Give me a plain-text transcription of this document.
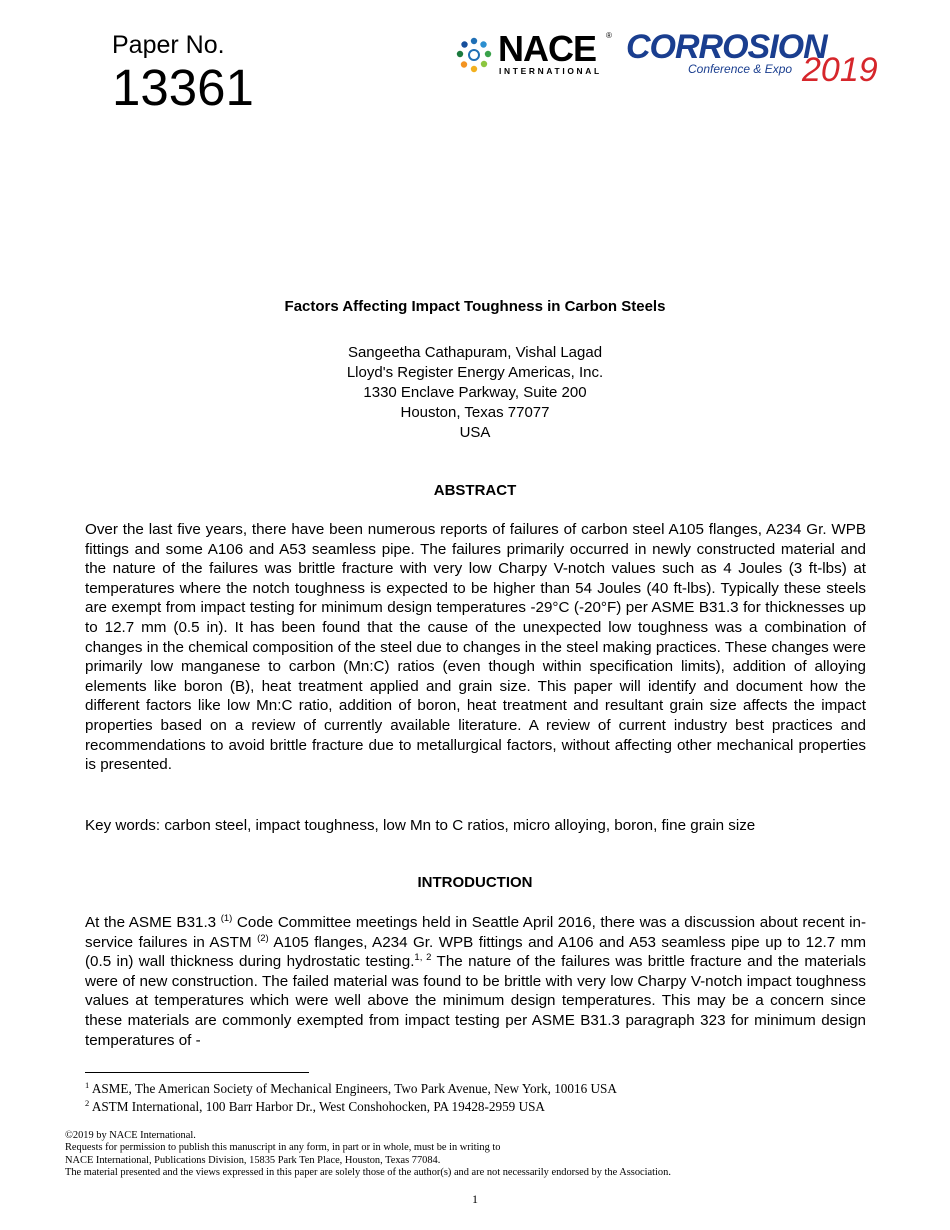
Paper No.
13361
NACE ®
INTERNATIONAL
CORROSION
Conference & Expo 2019
Factors Affecting Impact Toughness in Carbon Steels
Sangeetha Cathapuram, Vishal Lagad
Lloyd's Register Energy Americas, Inc.
1330 Enclave Parkway, Suite 200
Houston, Texas 77077
USA
ABSTRACT
Over the last five years, there have been numerous reports of failures of carbon steel A105 flanges, A234 Gr. WPB fittings and some A106 and A53 seamless pipe. The failures primarily occurred in newly constructed material and the nature of the failures was brittle fracture with very low Charpy V-notch values such as 4 Joules (3 ft-lbs) at temperatures where the notch toughness is expected to be higher than 54 Joules (40 ft-lbs). Typically these steels are exempt from impact testing for minimum design temperatures -29°C (-20°F) per ASME B31.3 for thicknesses up to 12.7 mm (0.5 in). It has been found that the cause of the unexpected low toughness was a combination of changes in the chemical composition of the steel due to changes in the steel making practices. These changes were primarily low manganese to carbon (Mn:C) ratios (even though within specification limits), addition of alloying elements like boron (B), heat treatment applied and grain size. This paper will identify and document how the different factors like low Mn:C ratio, addition of boron, heat treatment and resultant grain size affects the impact properties based on a review of currently available literature. A review of current industry best practices and recommendations to avoid brittle fracture due to metallurgical factors, without affecting other mechanical properties is presented.
Key words: carbon steel, impact toughness, low Mn to C ratios, micro alloying, boron, fine grain size
INTRODUCTION
At the ASME B31.3 $^{(1)}$ Code Committee meetings held in Seattle April 2016, there was a discussion about recent in-service failures in ASTM $^{(2)}$ A105 flanges, A234 Gr. WPB fittings and A106 and A53 seamless pipe up to 12.7 mm (0.5 in) wall thickness during hydrostatic testing.$^{1, 2}$ The nature of the failures was brittle fracture and the materials were of new construction. The failed material was found to be brittle with very low Charpy V-notch impact toughness values at temperatures which were well above the minimum design temperatures. This may be a concern since these materials are commonly exempted from impact testing per ASME B31.3 paragraph 323 for minimum design temperatures of -
$^1$ ASME, The American Society of Mechanical Engineers, Two Park Avenue, New York, 10016 USA
$^2$ ASTM International, 100 Barr Harbor Dr., West Conshohocken, PA 19428-2959 USA
©2019 by NACE International.
Requests for permission to publish this manuscript in any form, in part or in whole, must be in writing to
NACE International, Publications Division, 15835 Park Ten Place, Houston, Texas 77084.
The material presented and the views expressed in this paper are solely those of the author(s) and are not necessarily endorsed by the Association.
1
